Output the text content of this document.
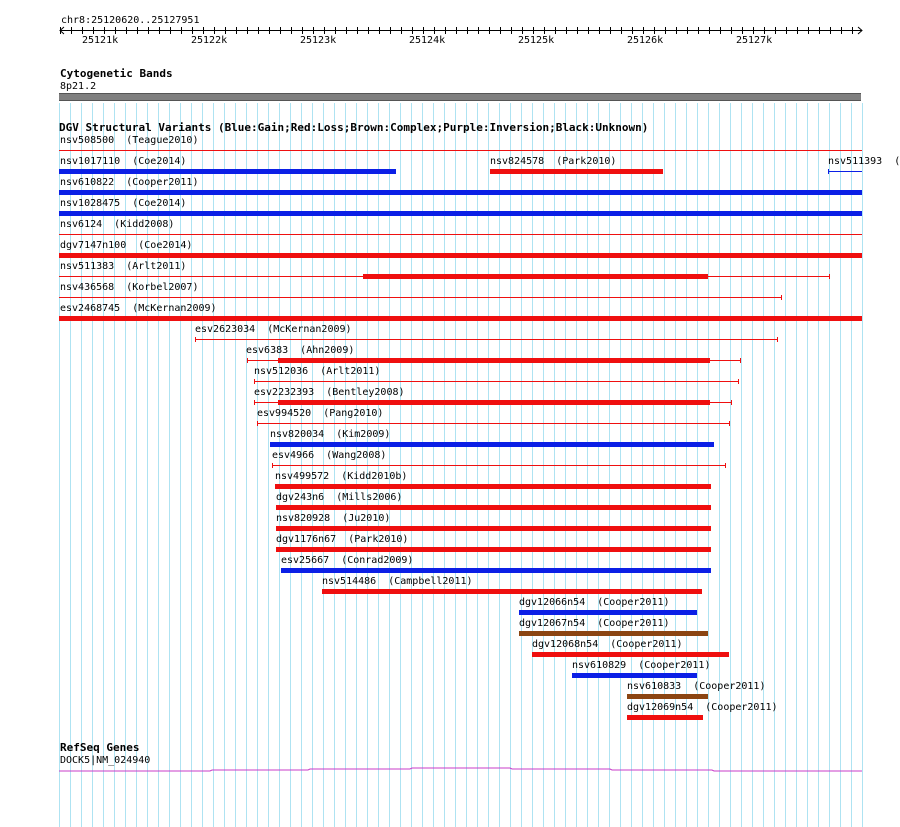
chr8:25120620..25127951
25121k	25122k	25123k	25124k	25125k	25126k	25127k
Cytogenetic Bands
8p21.2
DGV Structural Variants (Blue:Gain;Red:Loss;Brown:Complex;Purple:Inversion;Black:Unknown)
nsv508500  (Teague2010)
nsv1017110  (Coe2014)	nsv824578  (Park2010)	nsv511393  (
nsv610822  (Cooper2011)
nsv1028475  (Coe2014)
nsv6124  (Kidd2008)
dgv7147n100  (Coe2014)
nsv511383  (Arlt2011)
nsv436568  (Korbel2007)
esv2468745  (McKernan2009)
esv2623034  (McKernan2009)
esv6383  (Ahn2009)
nsv512036  (Arlt2011)
esv2232393  (Bentley2008)
esv994520  (Pang2010)
nsv820034  (Kim2009)
esv4966  (Wang2008)
nsv499572  (Kidd2010b)
dgv243n6  (Mills2006)
nsv820928  (Ju2010)
dgv1176n67  (Park2010)
esv25667  (Conrad2009)
nsv514486  (Campbell2011)
dgv12066n54  (Cooper2011)
dgv12067n54  (Cooper2011)
dgv12068n54  (Cooper2011)
nsv610829  (Cooper2011)
nsv610833  (Cooper2011)
dgv12069n54  (Cooper2011)
RefSeq Genes
DOCK5|NM_024940
